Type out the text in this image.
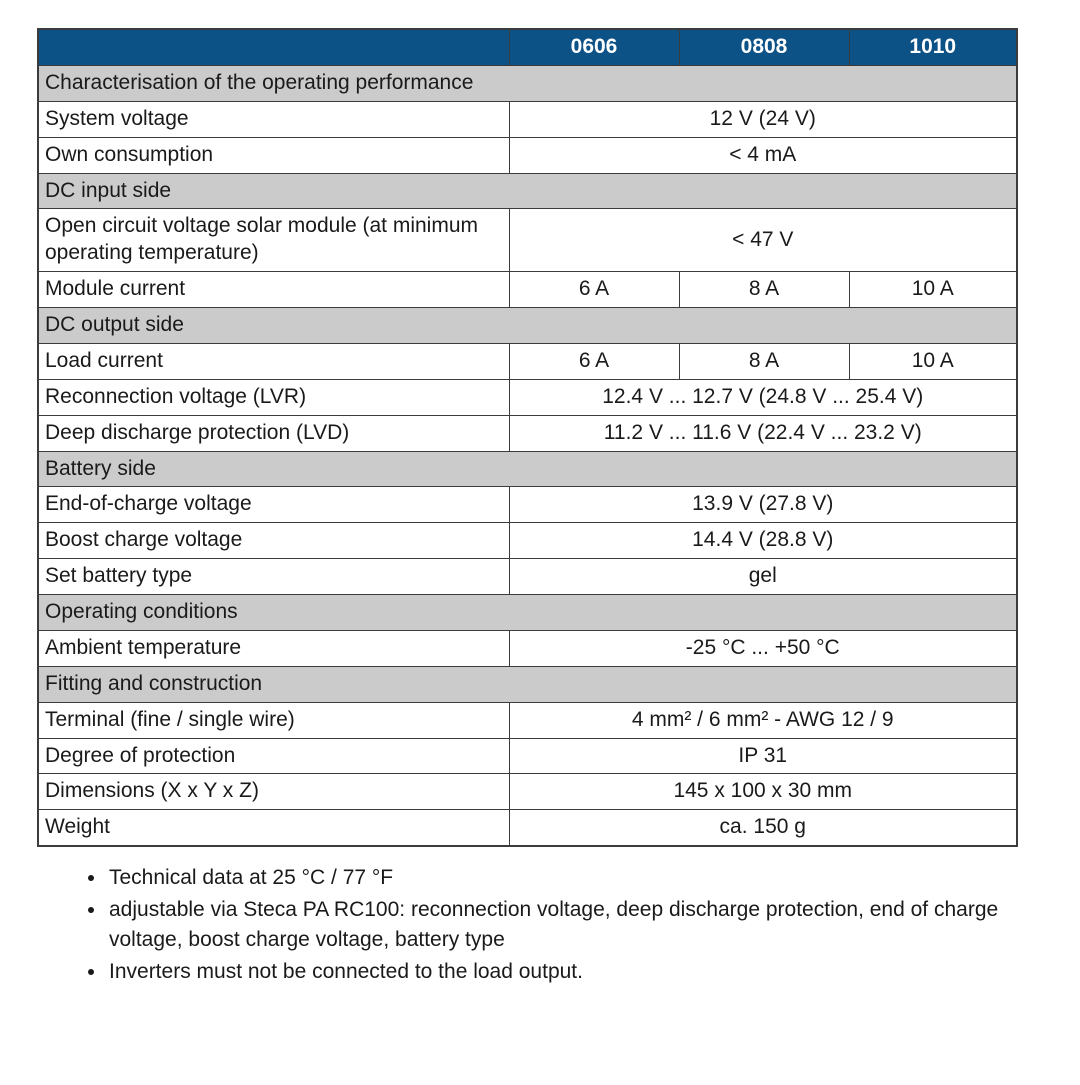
	0606	0808	1010
Characterisation of the operating performance			
System voltage	12 V (24 V)		
Own consumption	< 4 mA		
DC input side			
Open circuit voltage solar module (at minimum operating temperature)	< 47 V		
Module current	6 A	8 A	10 A
DC output side			
Load current	6 A	8 A	10 A
Reconnection voltage (LVR)	12.4 V ... 12.7 V (24.8 V ... 25.4 V)		
Deep discharge protection (LVD)	11.2 V ... 11.6 V (22.4 V ... 23.2 V)		
Battery side			
End-of-charge voltage	13.9 V (27.8 V)		
Boost charge voltage	14.4 V (28.8 V)		
Set battery type	gel		
Operating conditions			
Ambient temperature	-25 °C ... +50 °C		
Fitting and construction			
Terminal (fine / single wire)	4 mm² / 6 mm² - AWG 12 / 9		
Degree of protection	IP 31		
Dimensions (X x Y x Z)	145 x 100 x 30 mm		
Weight	ca. 150 g		
• Technical data at 25 °C / 77 °F
• adjustable via Steca PA RC100: reconnection voltage, deep discharge protection, end of charge voltage, boost charge voltage, battery type
• Inverters must not be connected to the load output.
